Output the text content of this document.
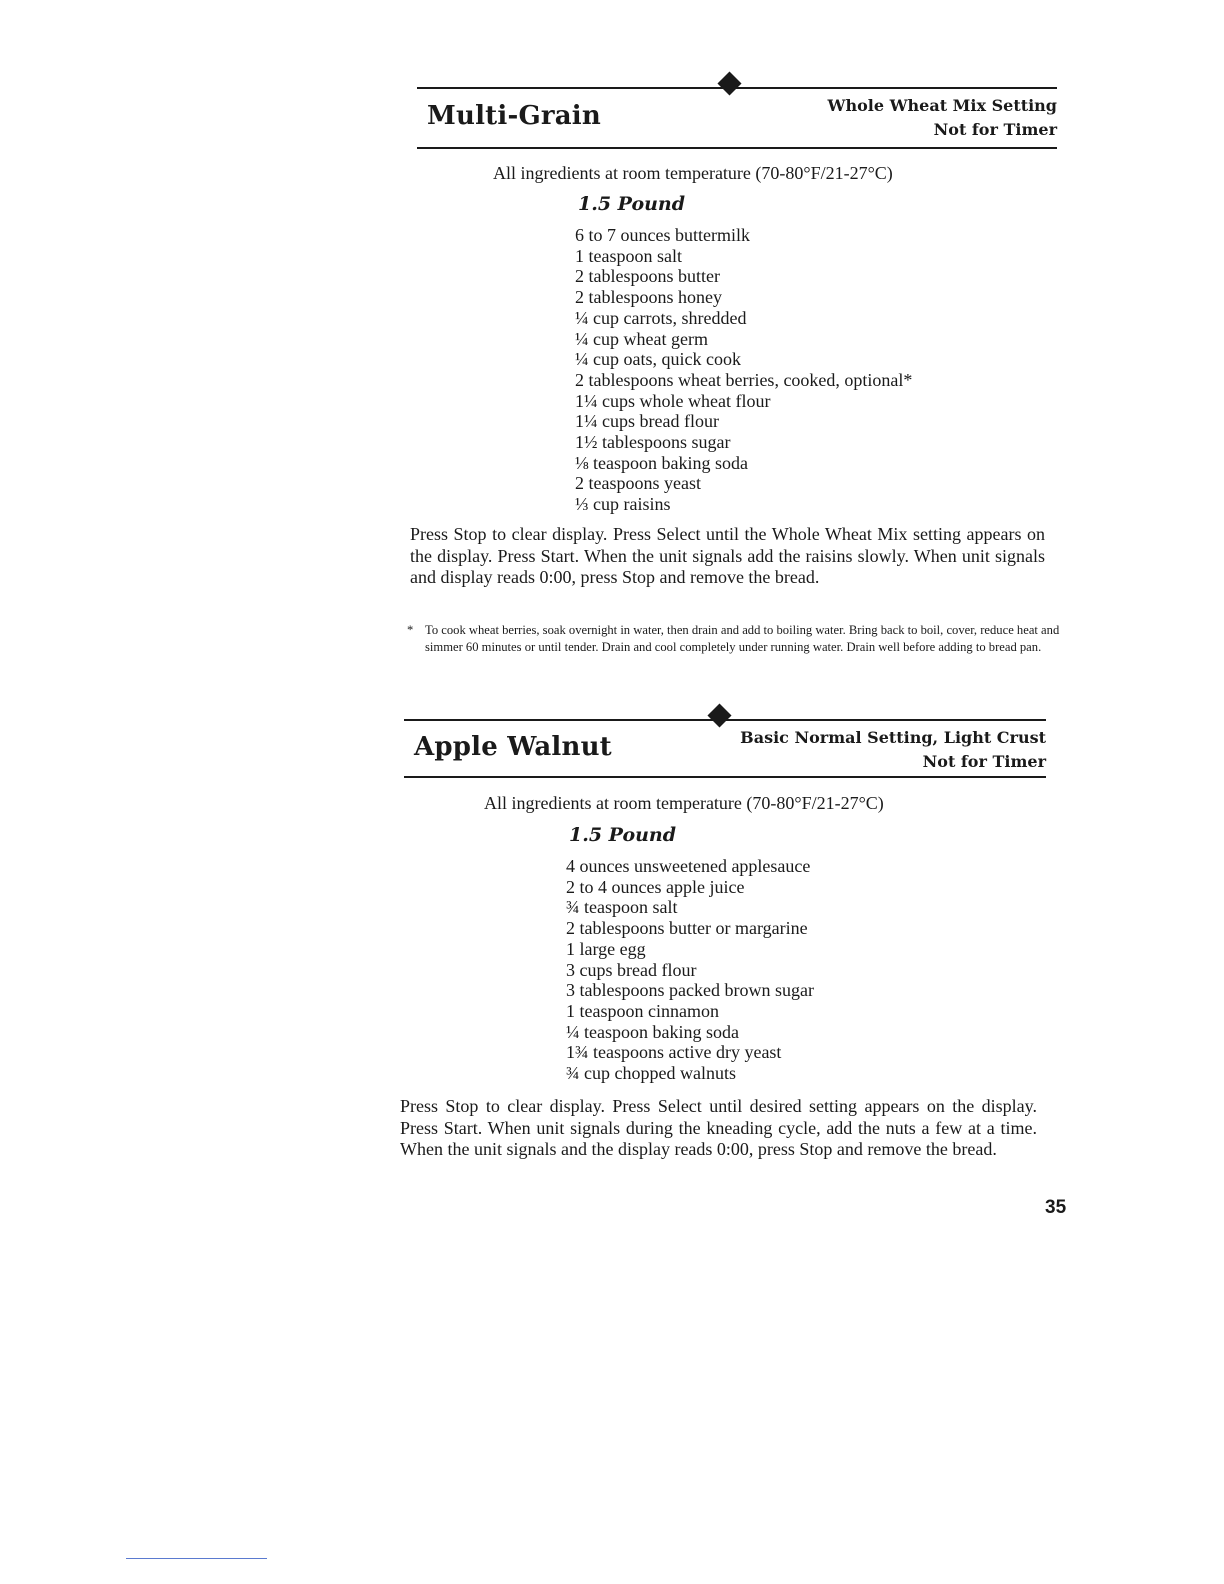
Multi-Grain	Whole Wheat Mix Setting
Not for Timer
All ingredients at room temperature (70-80°F/21-27°C)
1.5 Pound
6 to 7 ounces buttermilk
1 teaspoon salt
2 tablespoons butter
2 tablespoons honey
¼ cup carrots, shredded
¼ cup wheat germ
¼ cup oats, quick cook
2 tablespoons wheat berries, cooked, optional*
1¼ cups whole wheat flour
1¼ cups bread flour
1½ tablespoons sugar
⅛ teaspoon baking soda
2 teaspoons yeast
⅓ cup raisins

Press Stop to clear display. Press Select until the Whole Wheat Mix setting appears on the display. Press Start. When the unit signals add the raisins slowly. When unit signals and display reads 0:00, press Stop and remove the bread.

* To cook wheat berries, soak overnight in water, then drain and add to boiling water. Bring back to boil, cover, reduce heat and simmer 60 minutes or until tender. Drain and cool completely under running water. Drain well before adding to bread pan.

Apple Walnut	Basic Normal Setting, Light Crust
Not for Timer
All ingredients at room temperature (70-80°F/21-27°C)
1.5 Pound
4 ounces unsweetened applesauce
2 to 4 ounces apple juice
¾ teaspoon salt
2 tablespoons butter or margarine
1 large egg
3 cups bread flour
3 tablespoons packed brown sugar
1 teaspoon cinnamon
¼ teaspoon baking soda
1¾ teaspoons active dry yeast
¾ cup chopped walnuts

Press Stop to clear display. Press Select until desired setting appears on the display. Press Start. When unit signals during the kneading cycle, add the nuts a few at a time. When the unit signals and the display reads 0:00, press Stop and remove the bread.

35
